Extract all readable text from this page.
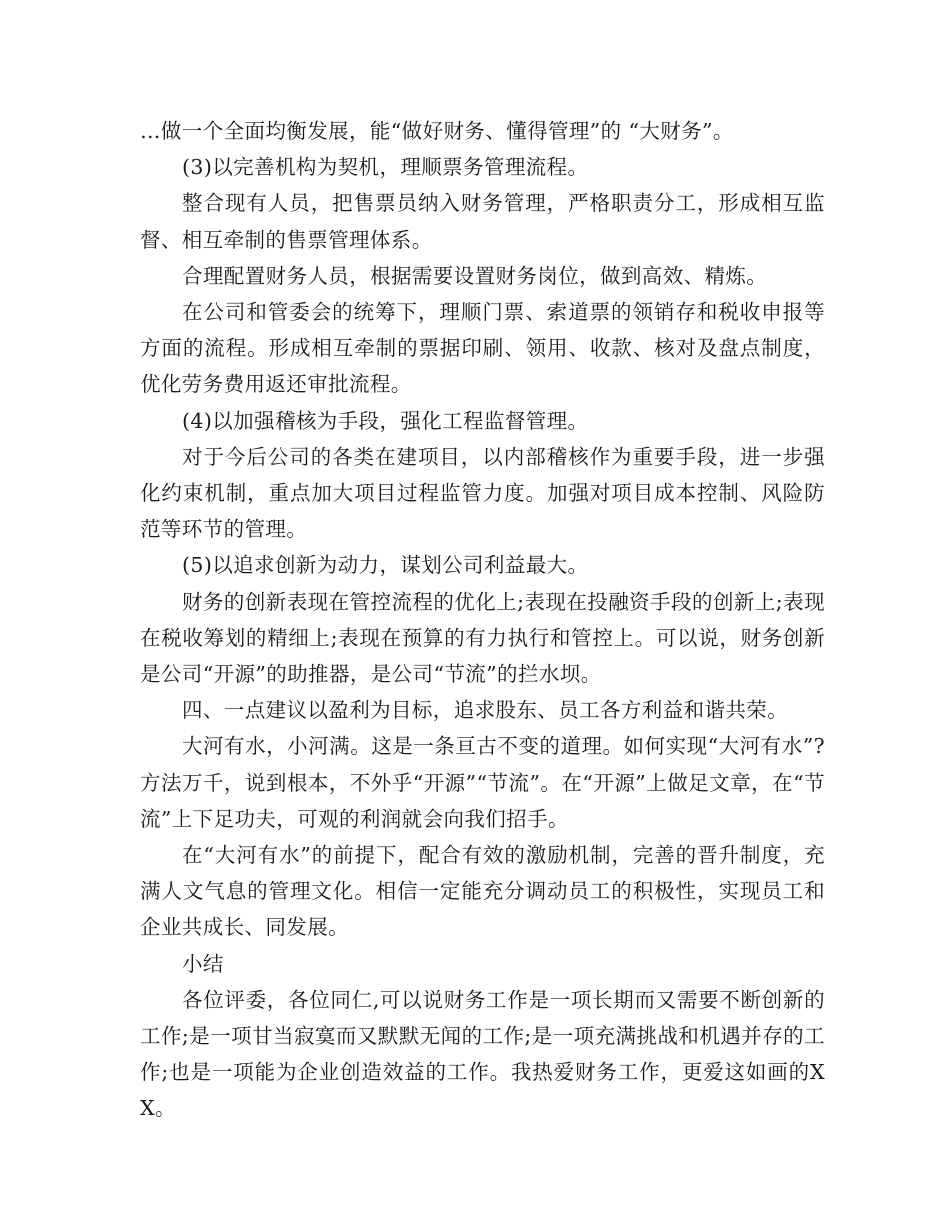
…做一个全面均衡发展，能“做好财务、懂得管理”的 “大财务”。

(3)以完善机构为契机，理顺票务管理流程。

整合现有人员，把售票员纳入财务管理，严格职责分工，形成相互监督、相互牵制的售票管理体系。

合理配置财务人员，根据需要设置财务岗位，做到高效、精炼。

在公司和管委会的统筹下，理顺门票、索道票的领销存和税收申报等方面的流程。形成相互牵制的票据印刷、领用、收款、核对及盘点制度，优化劳务费用返还审批流程。

(4)以加强稽核为手段，强化工程监督管理。

对于今后公司的各类在建项目，以内部稽核作为重要手段，进一步强化约束机制，重点加大项目过程监管力度。加强对项目成本控制、风险防范等环节的管理。

(5)以追求创新为动力，谋划公司利益最大。

财务的创新表现在管控流程的优化上;表现在投融资手段的创新上;表现在税收筹划的精细上;表现在预算的有力执行和管控上。可以说，财务创新是公司“开源”的助推器，是公司“节流”的拦水坝。

四、一点建议以盈利为目标，追求股东、员工各方利益和谐共荣。

大河有水，小河满。这是一条亘古不变的道理。如何实现“大河有水”?方法万千，说到根本，不外乎“开源”“节流”。在“开源”上做足文章，在“节流”上下足功夫，可观的利润就会向我们招手。

在“大河有水”的前提下，配合有效的激励机制，完善的晋升制度，充满人文气息的管理文化。相信一定能充分调动员工的积极性，实现员工和企业共成长、同发展。

小结

各位评委，各位同仁,可以说财务工作是一项长期而又需要不断创新的工作;是一项甘当寂寞而又默默无闻的工作;是一项充满挑战和机遇并存的工作;也是一项能为企业创造效益的工作。我热爱财务工作，更爱这如画的XX。
